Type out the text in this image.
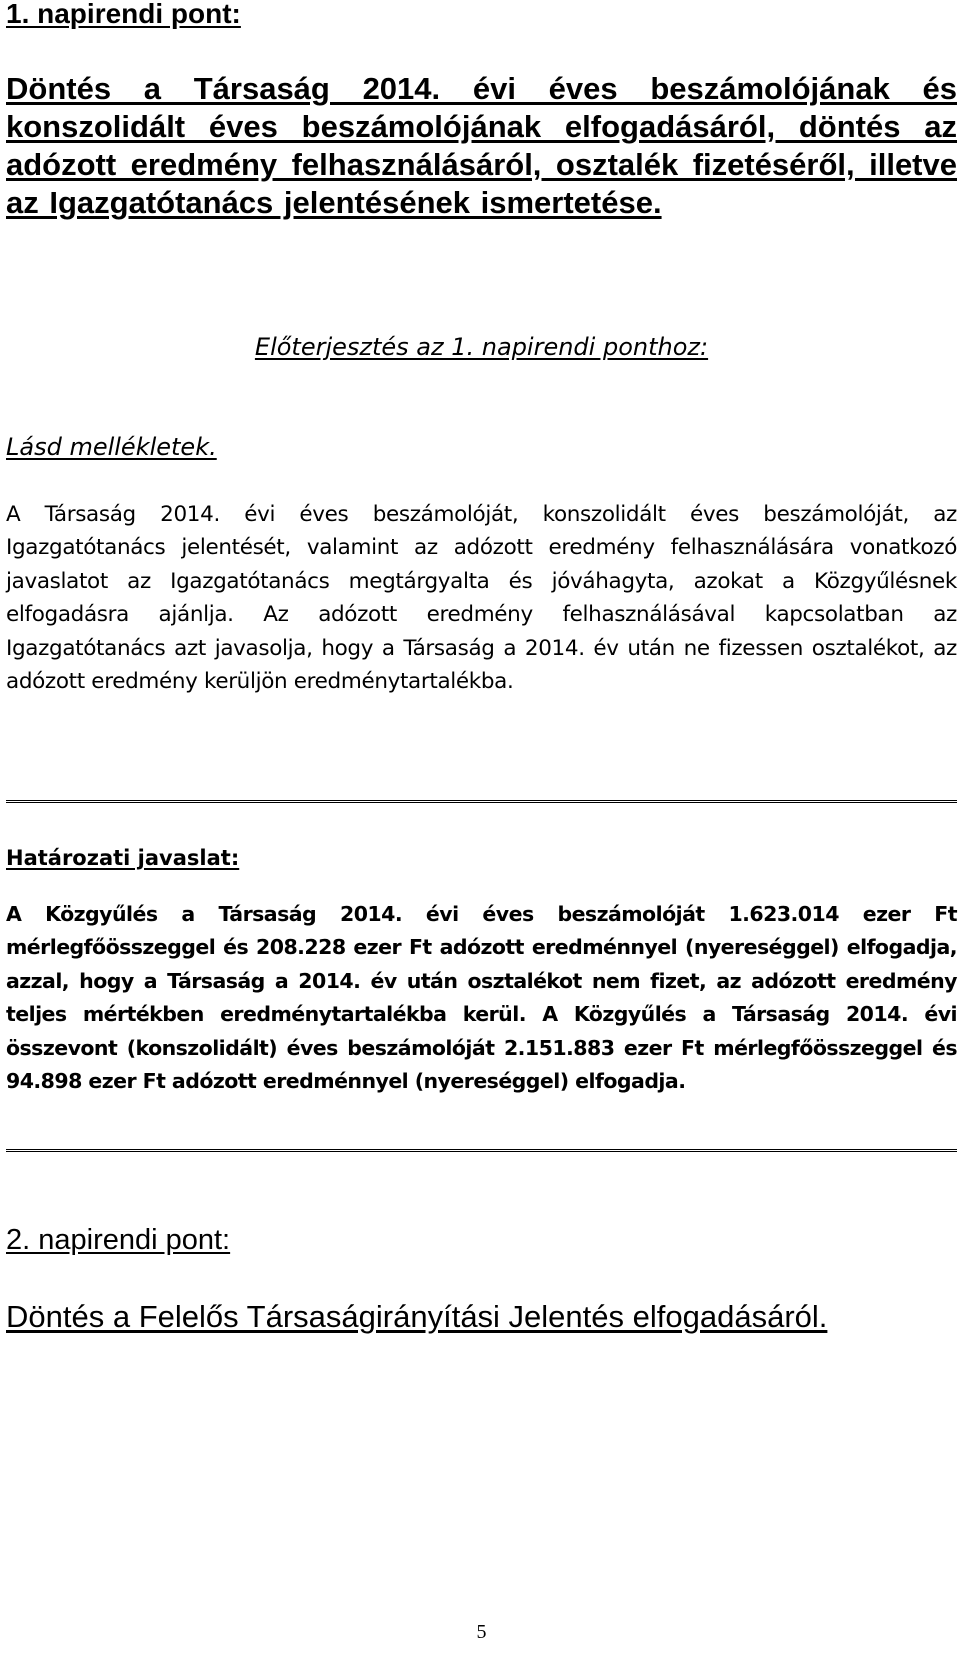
1. napirendi pont:
Döntés a Társaság 2014. évi éves beszámolójának és konszolidált éves beszámolójának elfogadásáról, döntés az adózott eredmény felhasználásáról, osztalék fizetéséről, illetve az Igazgatótanács jelentésének ismertetése.

Előterjesztés az 1. napirendi ponthoz:

Lásd mellékletek.

A Társaság 2014. évi éves beszámolóját, konszolidált éves beszámolóját, az Igazgatótanács jelentését, valamint az adózott eredmény felhasználására vonatkozó javaslatot az Igazgatótanács megtárgyalta és jóváhagyta, azokat a Közgyűlésnek elfogadásra ajánlja. Az adózott eredmény felhasználásával kapcsolatban az Igazgatótanács azt javasolja, hogy a Társaság a 2014. év után ne fizessen osztalékot, az adózott eredmény kerüljön eredménytartalékba.

Határozati javaslat:

A Közgyűlés a Társaság 2014. évi éves beszámolóját 1.623.014 ezer Ft mérlegfőösszeggel és 208.228 ezer Ft adózott eredménnyel (nyereséggel) elfogadja, azzal, hogy a Társaság a 2014. év után osztalékot nem fizet, az adózott eredmény teljes mértékben eredménytartalékba kerül. A Közgyűlés a Társaság 2014. évi összevont (konszolidált) éves beszámolóját 2.151.883 ezer Ft mérlegfőösszeggel és 94.898 ezer Ft adózott eredménnyel (nyereséggel) elfogadja.

2. napirendi pont:
Döntés a Felelős Társaságirányítási Jelentés elfogadásáról.

5
